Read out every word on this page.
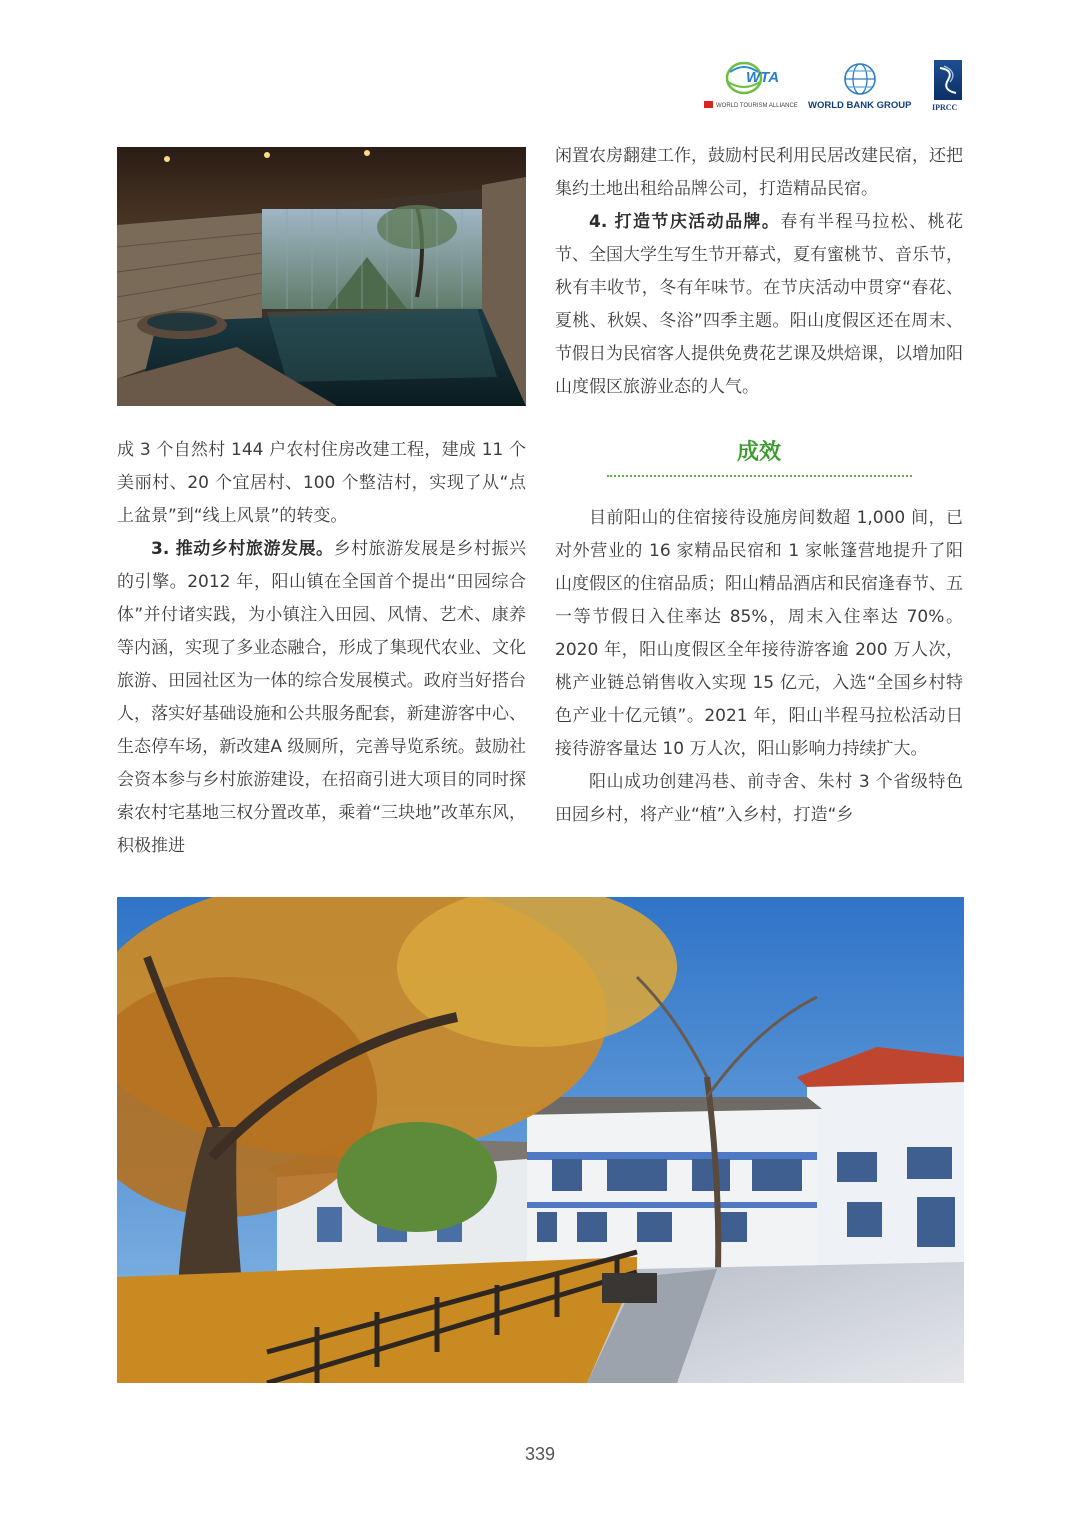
WTA
WORLD TOURISM ALLIANCE WORLD BANK GROUP	IPRCC

闲置农房翻建工作，鼓励村民利用民居改建民宿，还把集约土地出租给品牌公司，打造精品民宿。

4. 打造节庆活动品牌。春有半程马拉松、桃花节、全国大学生写生节开幕式，夏有蜜桃节、音乐节，秋有丰收节，冬有年味节。在节庆活动中贯穿“春花、夏桃、秋娱、冬浴”四季主题。阳山度假区还在周末、节假日为民宿客人提供免费花艺课及烘焙课，以增加阳山度假区旅游业态的人气。

成 3 个自然村 144 户农村住房改建工程，建成 11 个美丽村、20 个宜居村、100 个整洁村，实现了从“点上盆景”到“线上风景”的转变。

3. 推动乡村旅游发展。乡村旅游发展是乡村振兴的引擎。2012 年，阳山镇在全国首个提出“田园综合体”并付诸实践，为小镇注入田园、风情、艺术、康养等内涵，实现了多业态融合，形成了集现代农业、文化旅游、田园社区为一体的综合发展模式。政府当好搭台人，落实好基础设施和公共服务配套，新建游客中心、生态停车场，新改建A 级厕所，完善导览系统。鼓励社会资本参与乡村旅游建设，在招商引进大项目的同时探索农村宅基地三权分置改革，乘着“三块地”改革东风，积极推进

成效

目前阳山的住宿接待设施房间数超 1,000 间，已对外营业的 16 家精品民宿和 1 家帐篷营地提升了阳山度假区的住宿品质；阳山精品酒店和民宿逢春节、五一等节假日入住率达 85%，周末入住率达 70%。2020 年，阳山度假区全年接待游客逾 200 万人次，桃产业链总销售收入实现 15 亿元，入选“全国乡村特色产业十亿元镇”。2021 年，阳山半程马拉松活动日接待游客量达 10 万人次，阳山影响力持续扩大。

阳山成功创建冯巷、前寺舍、朱村 3 个省级特色田园乡村，将产业“植”入乡村，打造“乡

339
